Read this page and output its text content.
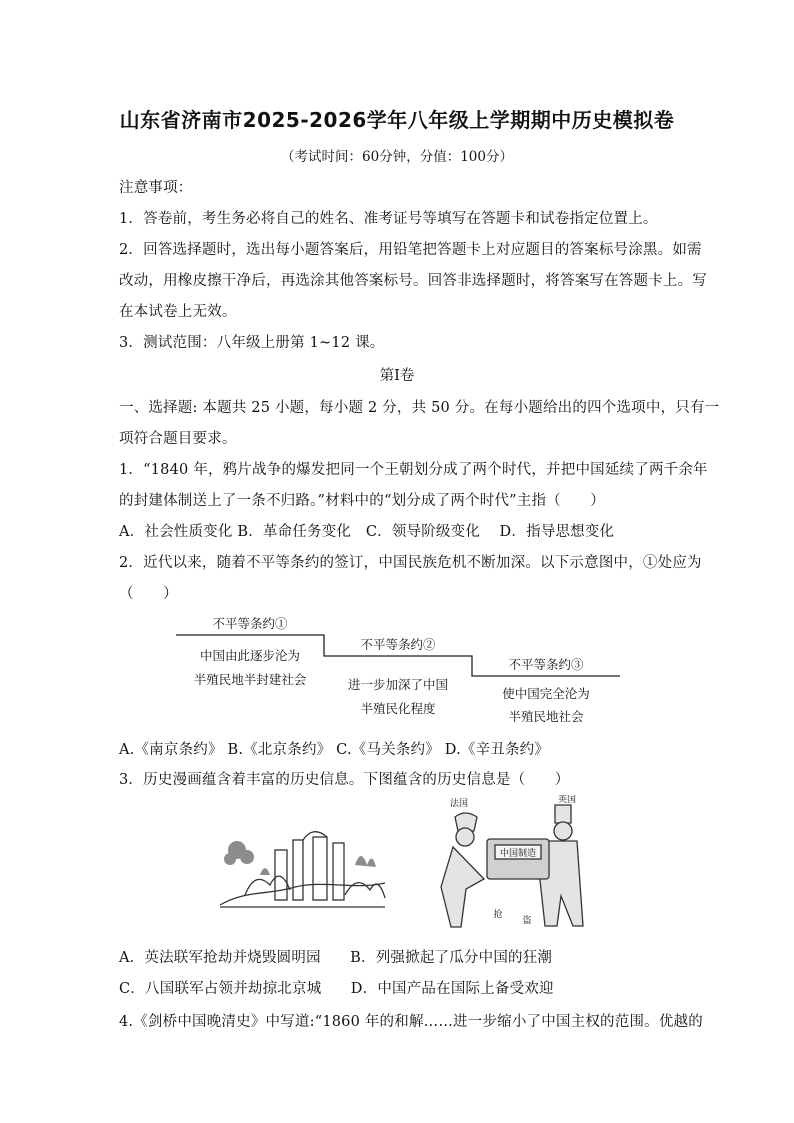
山东省济南市2025-2026学年八年级上学期期中历史模拟卷
（考试时间：60分钟，分值：100分）
注意事项：
1．答卷前，考生务必将自己的姓名、准考证号等填写在答题卡和试卷指定位置上。
2．回答选择题时，选出每小题答案后，用铅笔把答题卡上对应题目的答案标号涂黑。如需
改动，用橡皮擦干净后，再选涂其他答案标号。回答非选择题时，将答案写在答题卡上。写
在本试卷上无效。
3．测试范围：八年级上册第 1~12 课。
第Ⅰ卷
一、选择题: 本题共 25 小题，每小题 2 分，共 50 分。在每小题给出的四个选项中，只有一
项符合题目要求。
1．“1840 年，鸦片战争的爆发把同一个王朝划分成了两个时代，并把中国延续了两千余年
的封建体制送上了一条不归路。”材料中的“划分成了两个时代”主指（　　）
A．社会性质变化 B．革命任务变化　C．领导阶级变化　 D．指导思想变化
2．近代以来，随着不平等条约的签订，中国民族危机不断加深。以下示意图中，①处应为
（　　）
不平等条约①
中国由此逐步沦为
半殖民地半封建社会
不平等条约②
进一步加深了中国
半殖民化程度
不平等条约③
使中国完全沦为
半殖民地社会
A.《南京条约》 B.《北京条约》 C.《马关条约》 D.《辛丑条约》
3．历史漫画蕴含着丰富的历史信息。下图蕴含的历史信息是（　　）
法国	英国
中国制造
抢
盗
A．英法联军抢劫并烧毁圆明园　　B．列强掀起了瓜分中国的狂潮
C．八国联军占领并劫掠北京城　　D．中国产品在国际上备受欢迎
4.《剑桥中国晚清史》中写道:“1860 年的和解……进一步缩小了中国主权的范围。优越的
